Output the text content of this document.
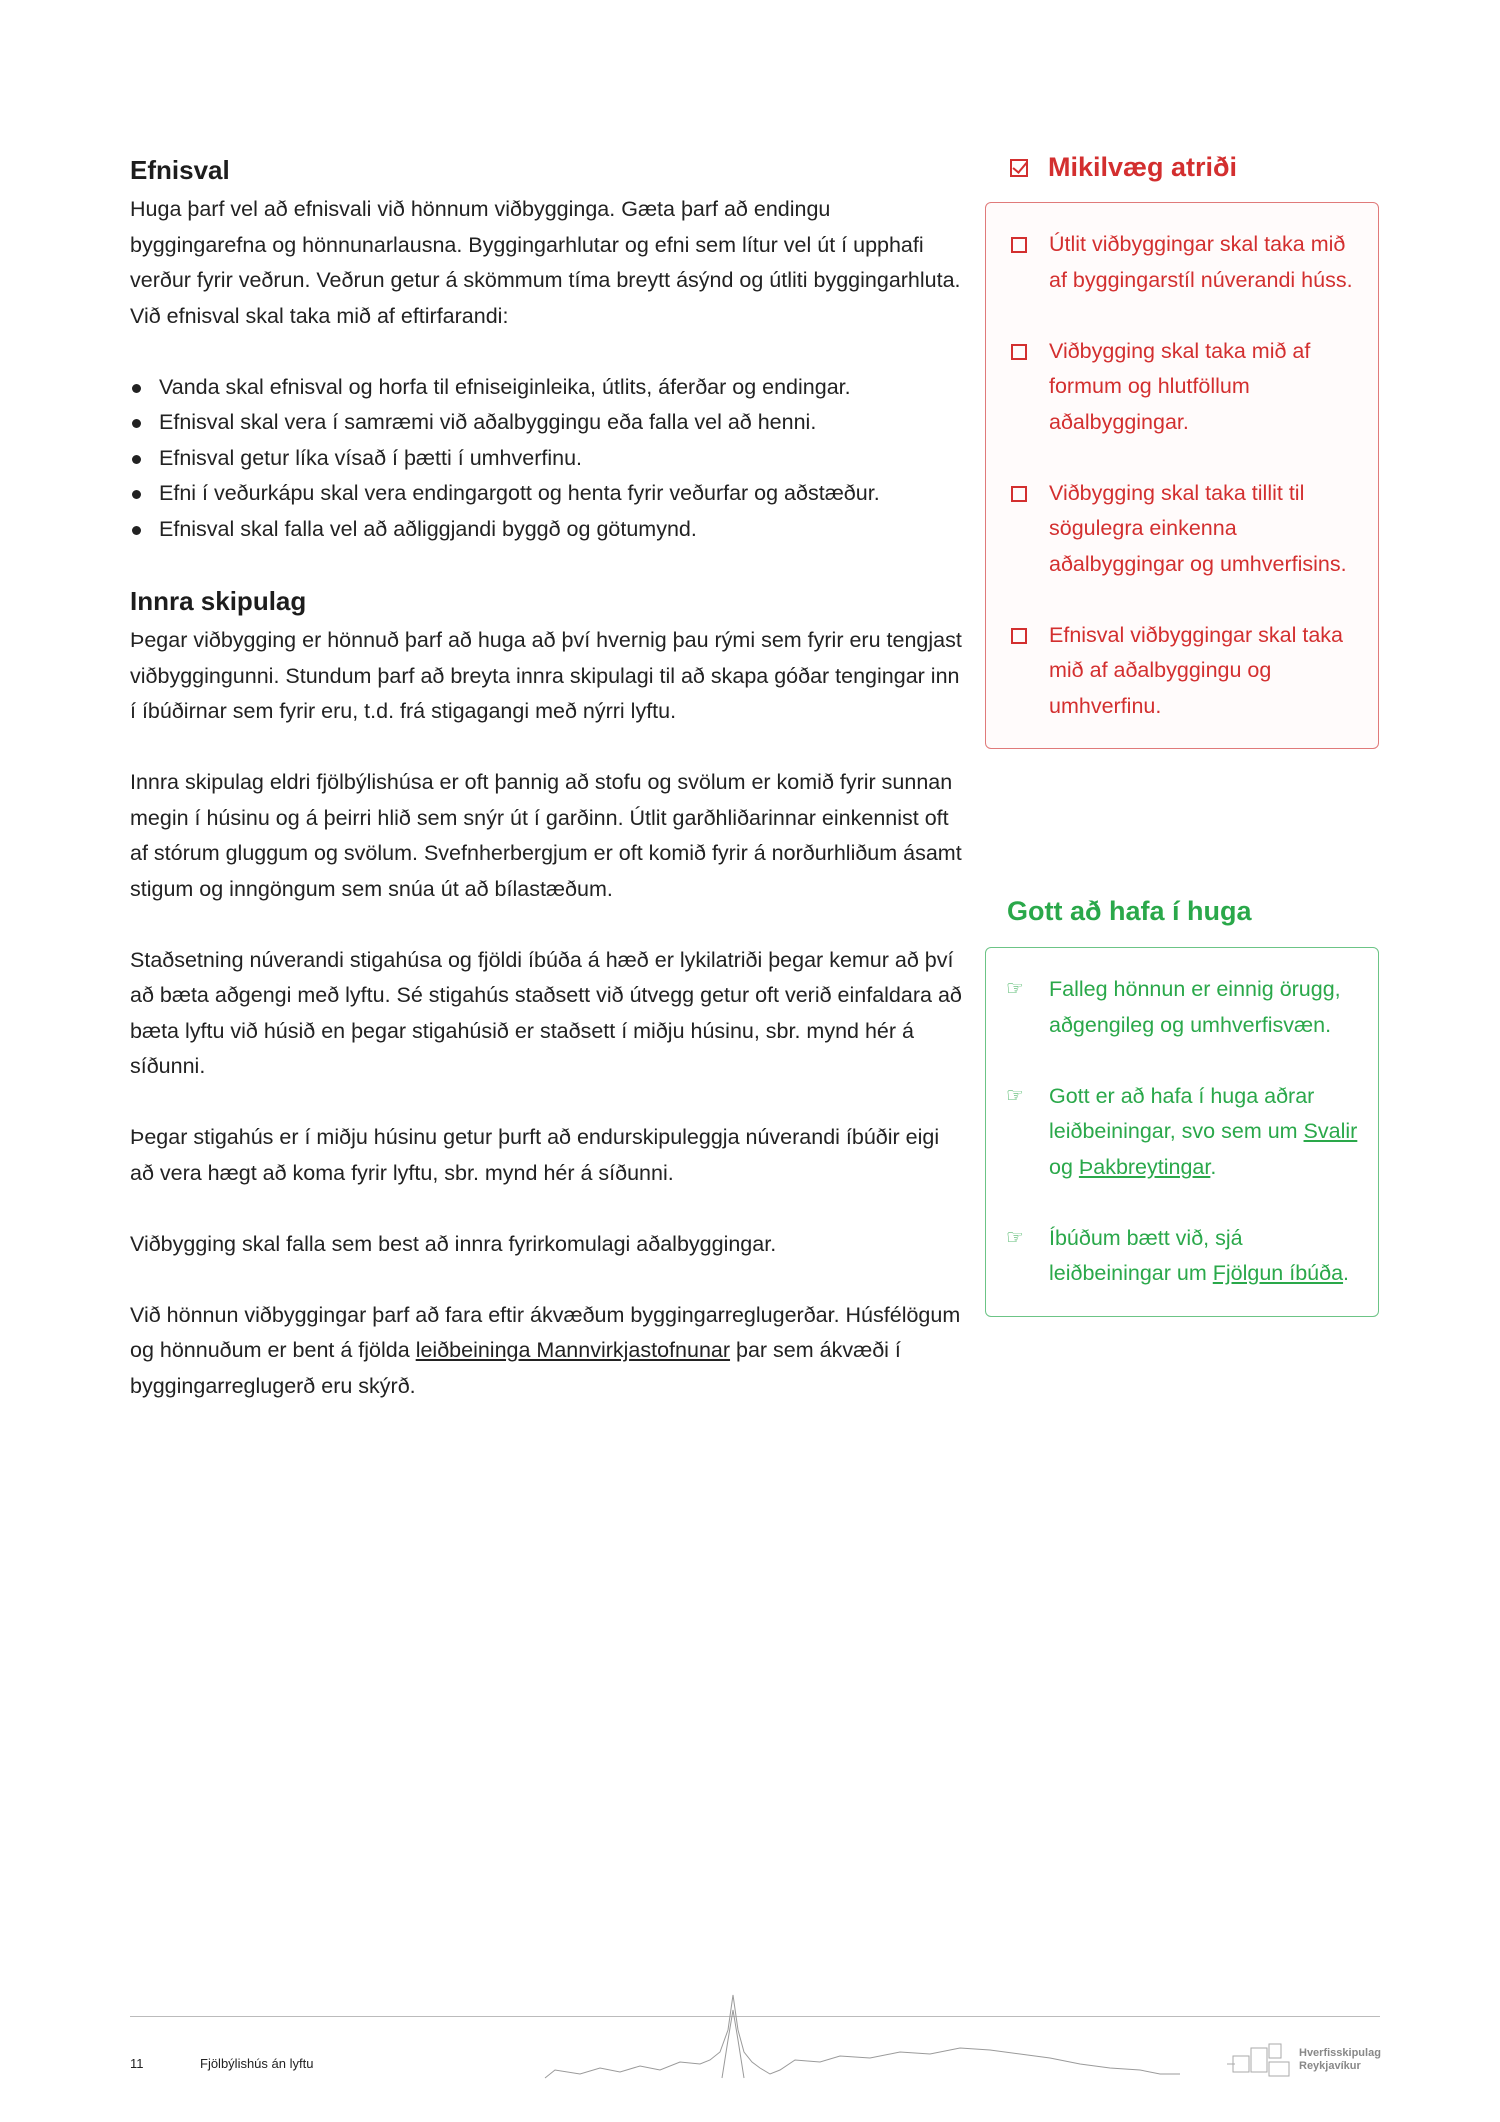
Efnisval

Huga þarf vel að efnisvali við hönnum viðbygginga. Gæta þarf að endingu byggingarefna og hönnunarlausna. Byggingarhlutar og efni sem lítur vel út í upphafi verður fyrir veðrun. Veðrun getur á skömmum tíma breytt ásýnd og útliti byggingarhluta. Við efnisval skal taka mið af eftirfarandi:

Vanda skal efnisval og horfa til efniseiginleika, útlits, áferðar og endingar.
Efnisval skal vera í samræmi við aðalbyggingu eða falla vel að henni.
Efnisval getur líka vísað í þætti í umhverfinu.
Efni í veðurkápu skal vera endingargott og henta fyrir veðurfar og aðstæður.
Efnisval skal falla vel að aðliggjandi byggð og götumynd.
Innra skipulag

Þegar viðbygging er hönnuð þarf að huga að því hvernig þau rými sem fyrir eru tengjast viðbyggingunni. Stundum þarf að breyta innra skipulagi til að skapa góðar tengingar inn í íbúðirnar sem fyrir eru, t.d. frá stigagangi með nýrri lyftu.

Innra skipulag eldri fjölbýlishúsa er oft þannig að stofu og svölum er komið fyrir sunnan megin í húsinu og á þeirri hlið sem snýr út í garðinn. Útlit garðhliðarinnar einkennist oft af stórum gluggum og svölum. Svefnherbergjum er oft komið fyrir á norðurhliðum ásamt stigum og inngöngum sem snúa út að bílastæðum.

Staðsetning núverandi stigahúsa og fjöldi íbúða á hæð er lykilatriði þegar kemur að því að bæta aðgengi með lyftu. Sé stigahús staðsett við útvegg getur oft verið einfaldara að bæta lyftu við húsið en þegar stigahúsið er staðsett í miðju húsinu, sbr. mynd hér á síðunni.

Þegar stigahús er í miðju húsinu getur þurft að endurskipuleggja núverandi íbúðir eigi að vera hægt að koma fyrir lyftu, sbr. mynd hér á síðunni.

Viðbygging skal falla sem best að innra fyrirkomulagi aðalbyggingar.

Við hönnun viðbyggingar þarf að fara eftir ákvæðum byggingarreglugerðar. Húsfélögum og hönnuðum er bent á fjölda leiðbeininga Mannvirkjastofnunar þar sem ákvæði í byggingarreglugerð eru skýrð.

Mikilvæg atriði
Útlit viðbyggingar skal taka mið af byggingarstíl núverandi húss.
Viðbygging skal taka mið af formum og hlutföllum aðalbyggingar.
Viðbygging skal taka tillit til sögulegra einkenna aðalbyggingar og umhverfisins.
Efnisval viðbyggingar skal taka mið af aðalbyggingu og umhverfinu.
Gott að hafa í huga
☞ Falleg hönnun er einnig örugg, aðgengileg og umhverfisvæn.
☞ Gott er að hafa í huga aðrar leiðbeiningar, svo sem um Svalir og Þakbreytingar.
☞ Íbúðum bætt við, sjá leiðbeiningar um Fjölgun íbúða.
11	Fjölbýlishús án lyftu
Hverfisskipulag
Reykjavíkur
